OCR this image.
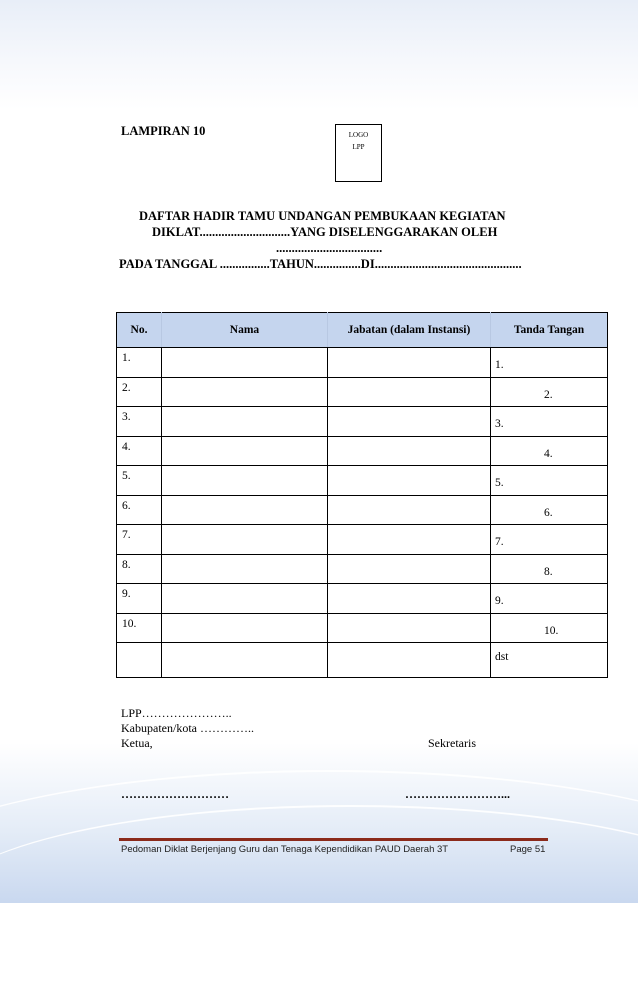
LAMPIRAN 10	LOGO
LPP
DAFTAR HADIR TAMU UNDANGAN PEMBUKAAN KEGIATAN
DIKLAT.............................YANG DISELENGGARAKAN OLEH
..................................
PADA TANGGAL ................TAHUN...............DI...............................................
No.	Nama	Jabatan (dalam Instansi)	Tanda Tangan

1.			1.

2.			2.

3.			3.

4.			4.

5.			5.

6.			6.

7.			7.

8.			8.

9.			9.

10.			10.

			dst
LPP…………………..
Kabupaten/kota …………..
Ketua,	Sekretaris
………………………	……………………...
Pedoman Diklat Berjenjang Guru dan Tenaga Kependidikan PAUD Daerah 3T	Page 51
